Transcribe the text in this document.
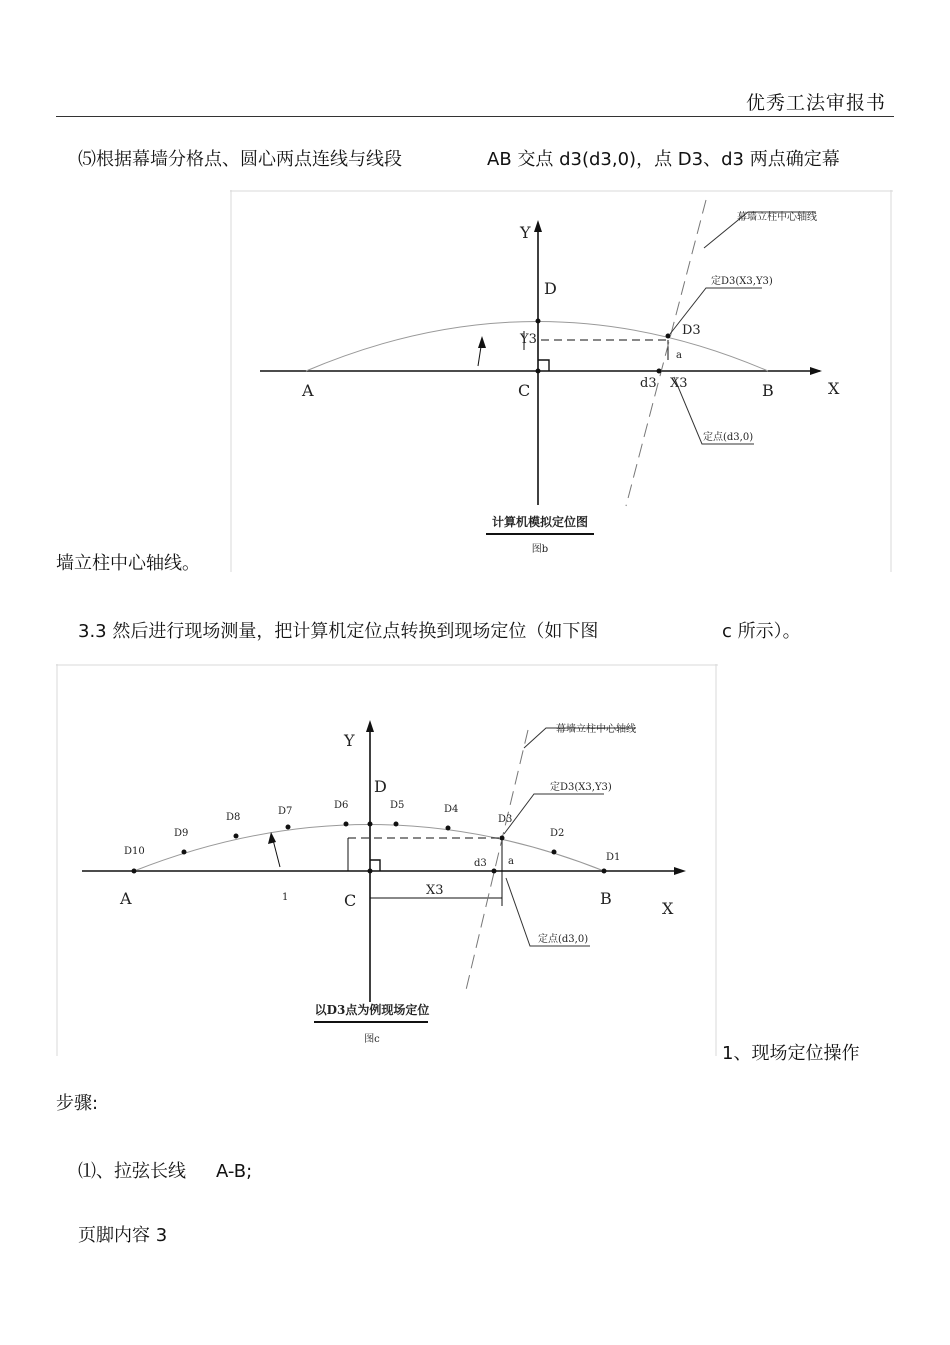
优秀工法审报书
⑸根据幕墙分格点、圆心两点连线与线段	AB 交点 d3(d3,0)，点 D3、d3 两点确定幕
Y
X
A	B
C
D
D3
d3 X3
Y3
a
幕墙立柱中心轴线
定D3(X3,Y3)
定点(d3,0)
计算机模拟定位图
图b
墙立柱中心轴线。
3.3 然后进行现场测量，把计算机定位点转换到现场定位（如下图	c 所示）。
Y
X
A	B
C
D
D1
D2
D3
D4
D5
D6
D7
D8
D9
D10
d3
X3
a
1
幕墙立柱中心轴线
定D3(X3,Y3)
定点(d3,0)
以D3点为例现场定位
图c
1、现场定位操作
步骤:
⑴、拉弦长线 A-B;
页脚内容 3
